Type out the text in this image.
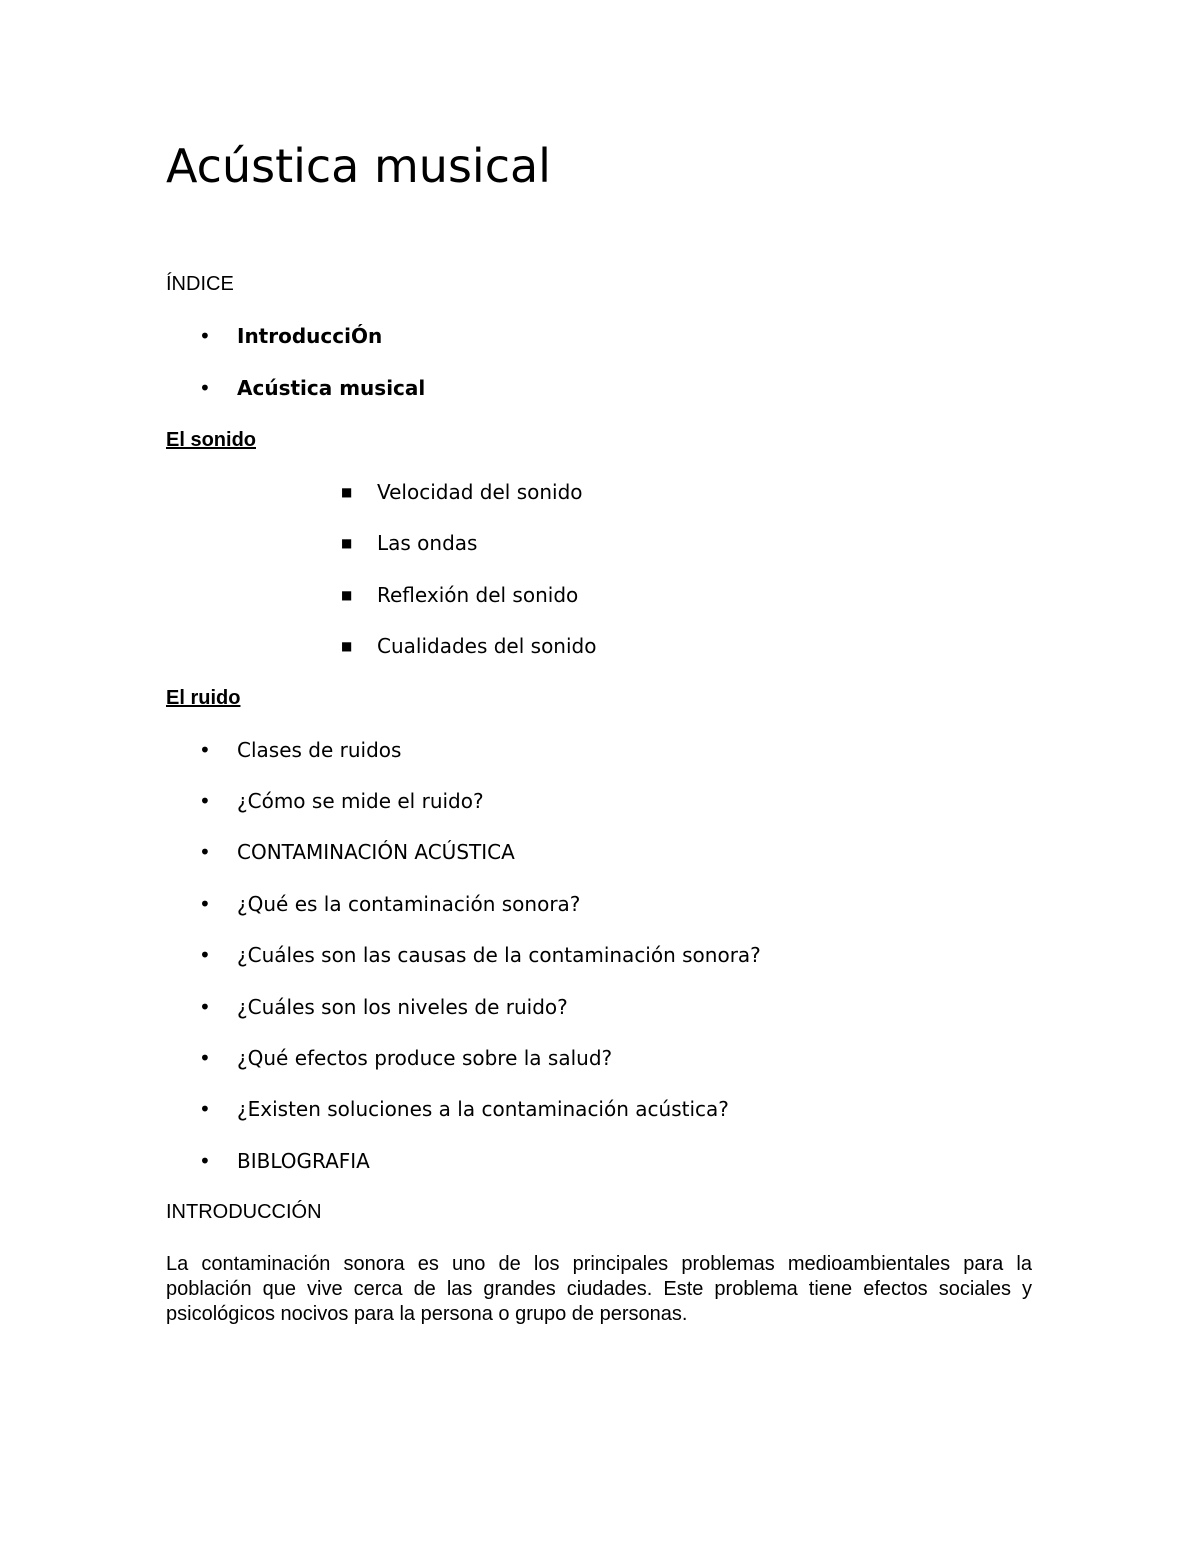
Acústica musical
ÍNDICE
• IntroducciÓn
• Acústica musical
El sonido
■ Velocidad del sonido
■ Las ondas
■ Reflexión del sonido
■ Cualidades del sonido
El ruido
• Clases de ruidos
• ¿Cómo se mide el ruido?
• CONTAMINACIÓN ACÚSTICA
• ¿Qué es la contaminación sonora?
• ¿Cuáles son las causas de la contaminación sonora?
• ¿Cuáles son los niveles de ruido?
• ¿Qué efectos produce sobre la salud?
• ¿Existen soluciones a la contaminación acústica?
• BIBLOGRAFIA
INTRODUCCIÓN

La contaminación sonora es uno de los principales problemas medioambientales para la población que vive cerca de las grandes ciudades. Este problema tiene efectos sociales y psicológicos nocivos para la persona o grupo de personas.
